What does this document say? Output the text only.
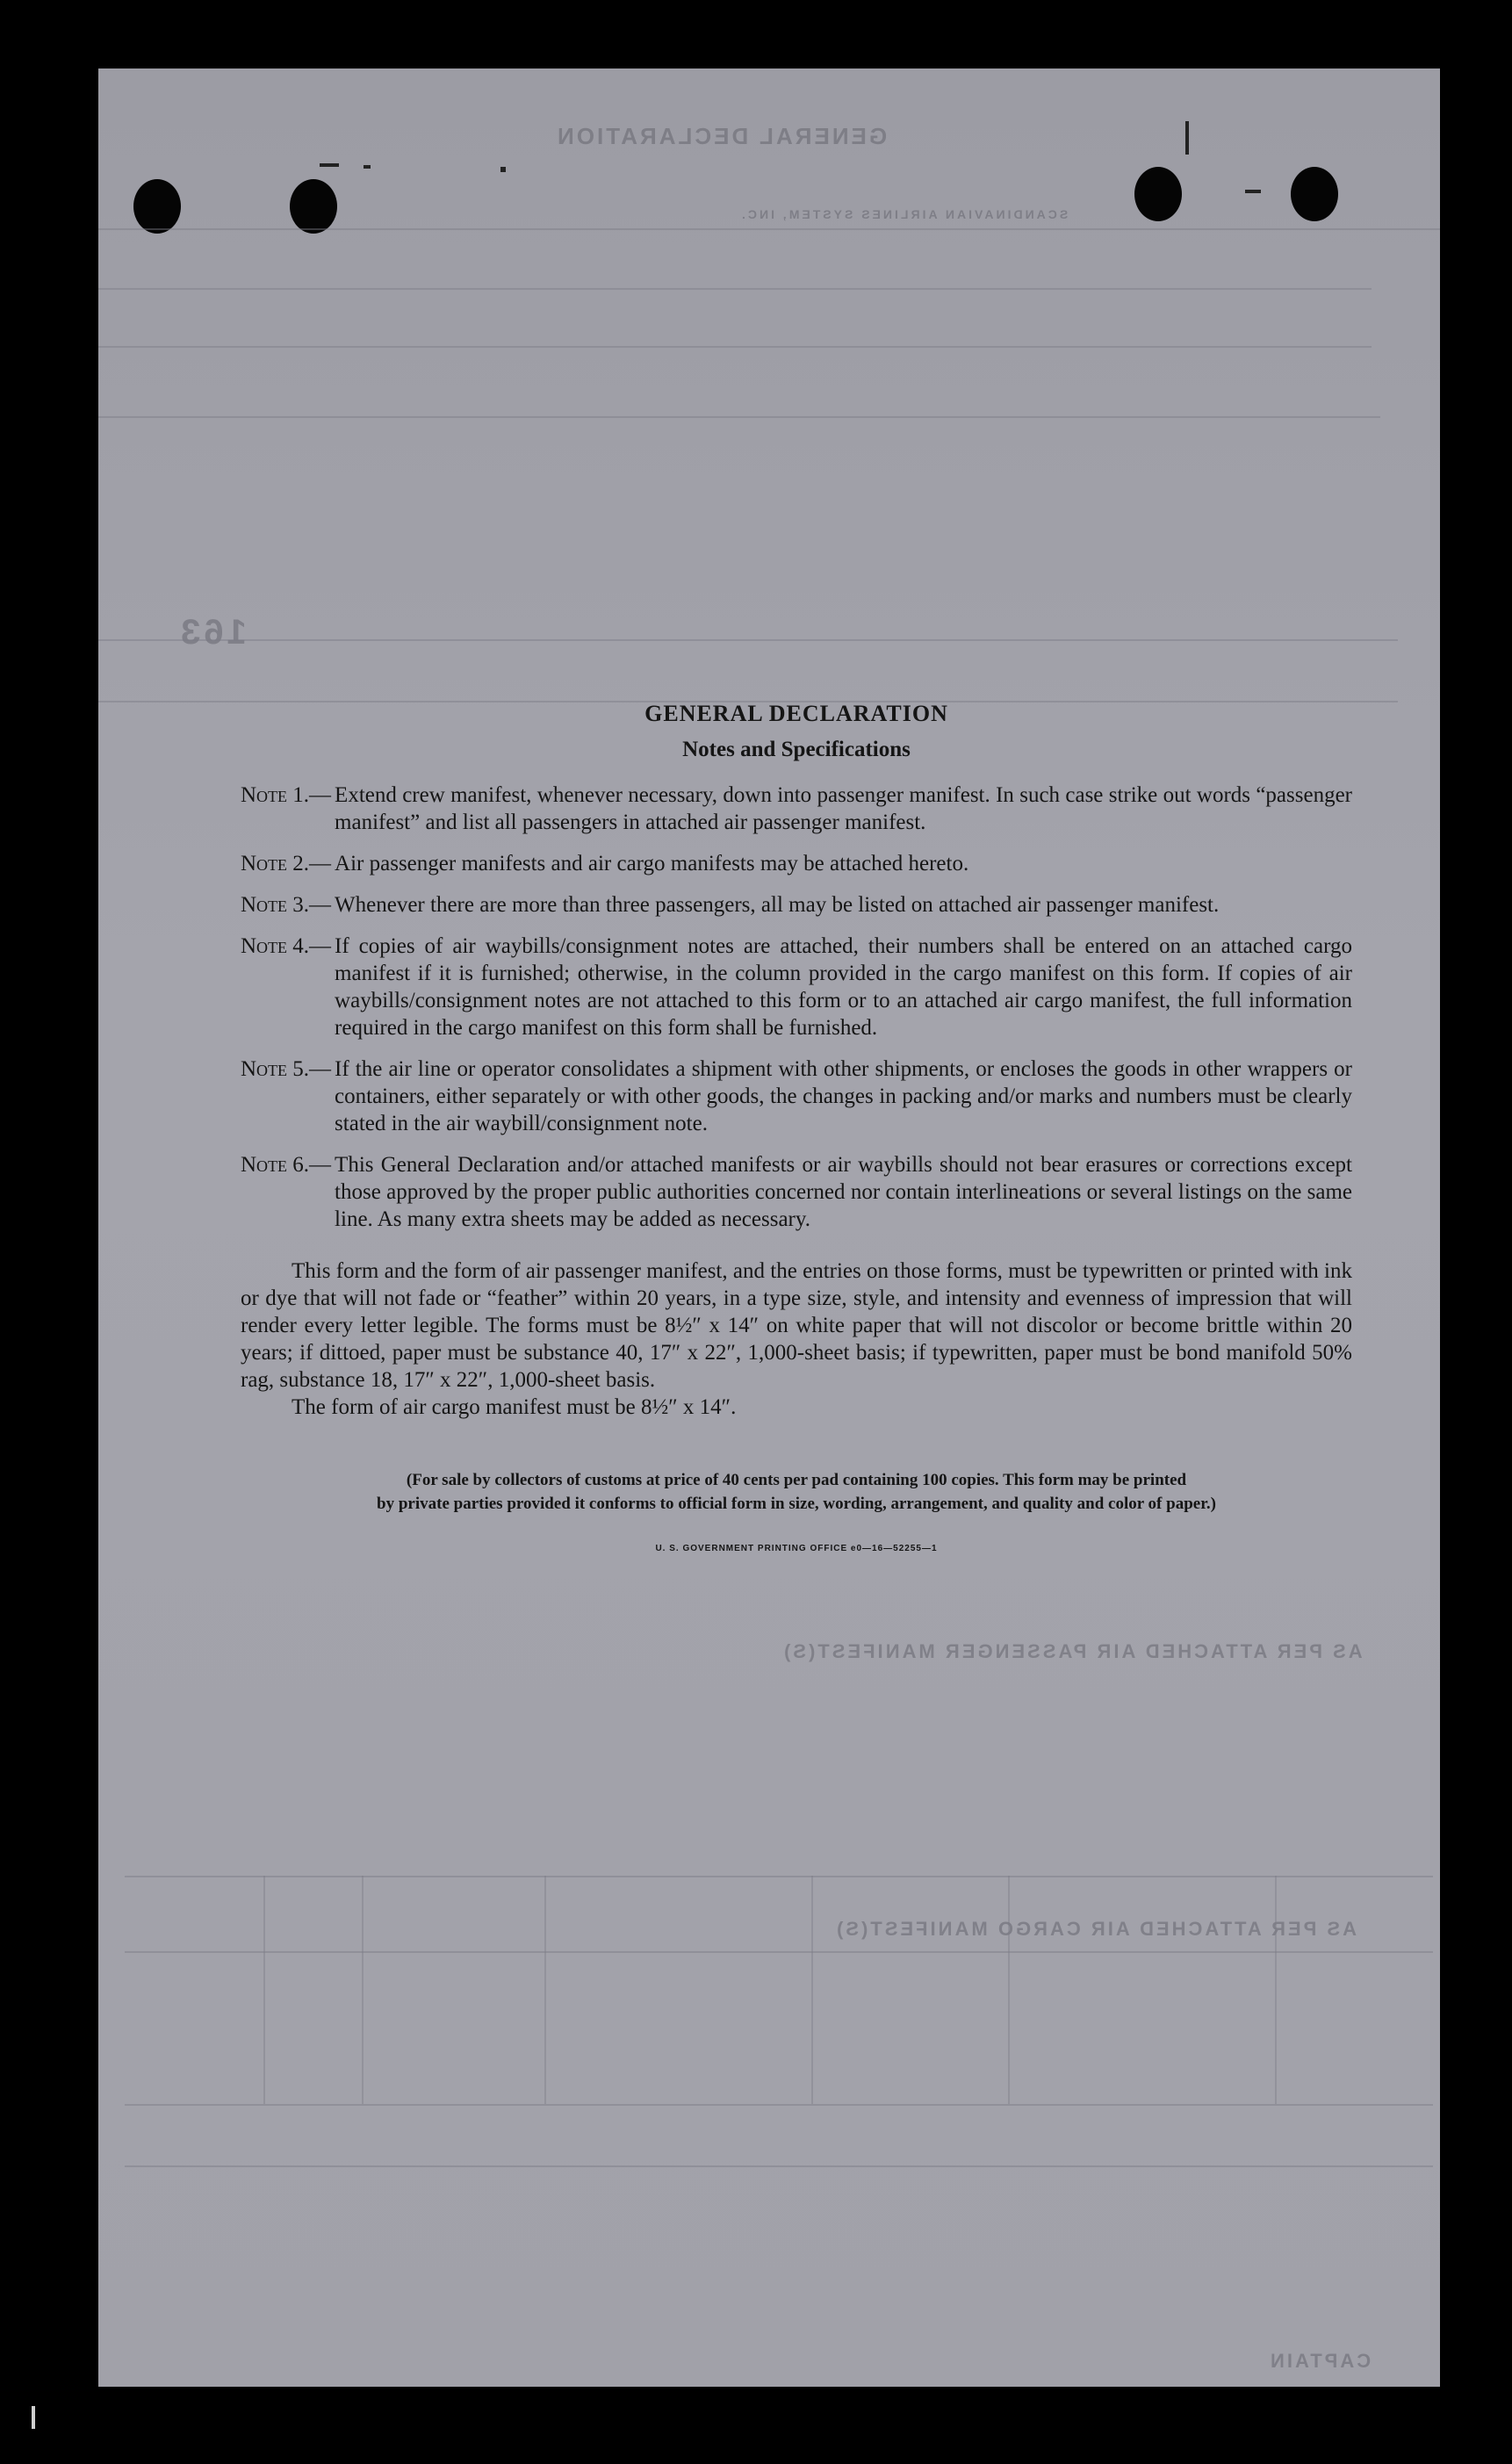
GENERAL DECLARATION
SCANDINAVIAN AIRLINES SYSTEM, INC.
163
AS PER ATTACHED AIR PASSENGER MANIFEST(S)
AS PER ATTACHED AIR CARGO MANIFEST(S)
CAPTAIN
GENERAL DECLARATION
Notes and Specifications
Note 1.— Extend crew manifest, whenever necessary, down into passenger manifest. In such case strike out words “passenger manifest” and list all passengers in attached air passenger manifest.
Note 2.— Air passenger manifests and air cargo manifests may be attached hereto.
Note 3.— Whenever there are more than three passengers, all may be listed on attached air passenger manifest.
Note 4.— If copies of air waybills/consignment notes are attached, their numbers shall be entered on an attached cargo manifest if it is furnished; otherwise, in the column provided in the cargo manifest on this form. If copies of air waybills/consignment notes are not attached to this form or to an attached air cargo manifest, the full information required in the cargo manifest on this form shall be furnished.
Note 5.— If the air line or operator consolidates a shipment with other shipments, or encloses the goods in other wrappers or containers, either separately or with other goods, the changes in packing and/or marks and numbers must be clearly stated in the air waybill/consignment note.
Note 6.— This General Declaration and/or attached manifests or air waybills should not bear erasures or corrections except those approved by the proper public authorities concerned nor contain interlineations or several listings on the same line. As many extra sheets may be added as necessary.

This form and the form of air passenger manifest, and the entries on those forms, must be typewritten or printed with ink or dye that will not fade or “feather” within 20 years, in a type size, style, and intensity and evenness of impression that will render every letter legible. The forms must be 8½″ x 14″ on white paper that will not discolor or become brittle within 20 years; if dittoed, paper must be substance 40, 17″ x 22″, 1,000-sheet basis; if typewritten, paper must be bond manifold 50% rag, substance 18, 17″ x 22″, 1,000-sheet basis.

The form of air cargo manifest must be 8½″ x 14″.

(For sale by collectors of customs at price of 40 cents per pad containing 100 copies. This form may be printed
by private parties provided it conforms to official form in size, wording, arrangement, and quality and color of paper.)

U. S. GOVERNMENT PRINTING OFFICE e0—16—52255—1
